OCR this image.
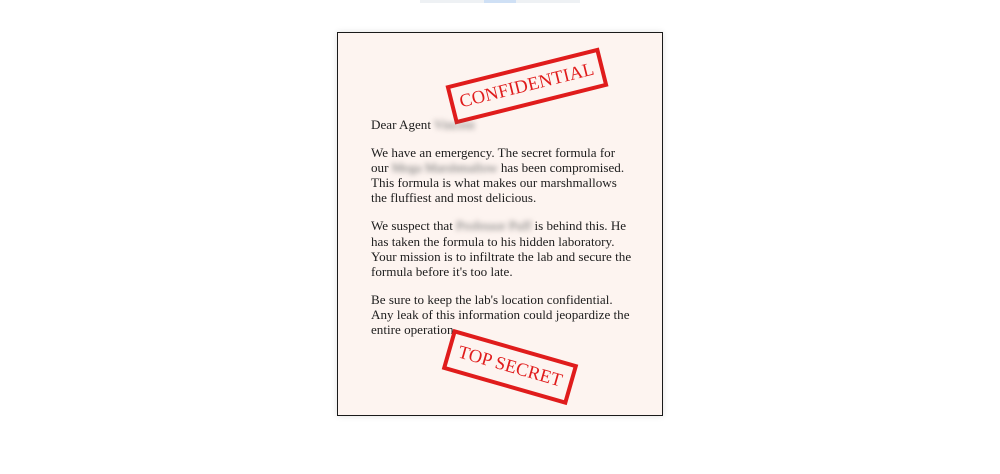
CONFIDENTIAL

Dear Agent Vincent

We have an emergency. The secret formula for our Mega Marshmallow has been compromised. This formula is what makes our marshmallows the fluffiest and most delicious.

We suspect that Professor Puff is behind this. He has taken the formula to his hidden laboratory. Your mission is to infiltrate the lab and secure the formula before it's too late.

Be sure to keep the lab's location confidential. Any leak of this information could jeopardize the entire operation.

TOP SECRET
